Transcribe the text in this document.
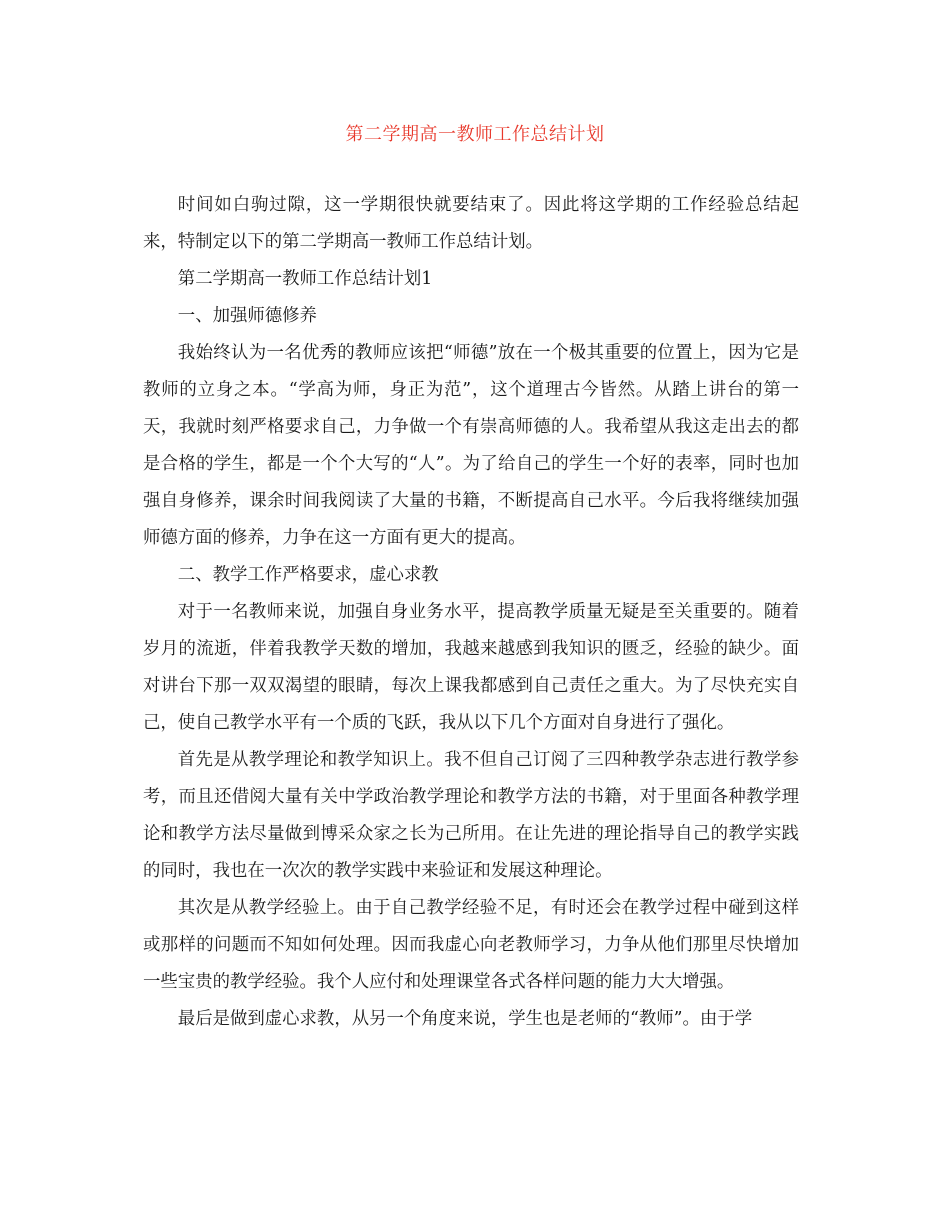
第二学期高一教师工作总结计划

时间如白驹过隙，这一学期很快就要结束了。因此将这学期的工作经验总结起来，特制定以下的第二学期高一教师工作总结计划。

第二学期高一教师工作总结计划1

一、加强师德修养

我始终认为一名优秀的教师应该把“师德”放在一个极其重要的位置上，因为它是教师的立身之本。“学高为师，身正为范”，这个道理古今皆然。从踏上讲台的第一天，我就时刻严格要求自己，力争做一个有崇高师德的人。我希望从我这走出去的都是合格的学生，都是一个个大写的“人”。为了给自己的学生一个好的表率，同时也加强自身修养，课余时间我阅读了大量的书籍，不断提高自己水平。今后我将继续加强师德方面的修养，力争在这一方面有更大的提高。

二、教学工作严格要求，虚心求教

对于一名教师来说，加强自身业务水平，提高教学质量无疑是至关重要的。随着岁月的流逝，伴着我教学天数的增加，我越来越感到我知识的匮乏，经验的缺少。面对讲台下那一双双渴望的眼睛，每次上课我都感到自己责任之重大。为了尽快充实自己，使自己教学水平有一个质的飞跃，我从以下几个方面对自身进行了强化。

首先是从教学理论和教学知识上。我不但自己订阅了三四种教学杂志进行教学参考，而且还借阅大量有关中学政治教学理论和教学方法的书籍，对于里面各种教学理论和教学方法尽量做到博采众家之长为己所用。在让先进的理论指导自己的教学实践的同时，我也在一次次的教学实践中来验证和发展这种理论。

其次是从教学经验上。由于自己教学经验不足，有时还会在教学过程中碰到这样或那样的问题而不知如何处理。因而我虚心向老教师学习，力争从他们那里尽快增加一些宝贵的教学经验。我个人应付和处理课堂各式各样问题的能力大大增强。

最后是做到虚心求教，从另一个角度来说，学生也是老师的“教师”。由于学
